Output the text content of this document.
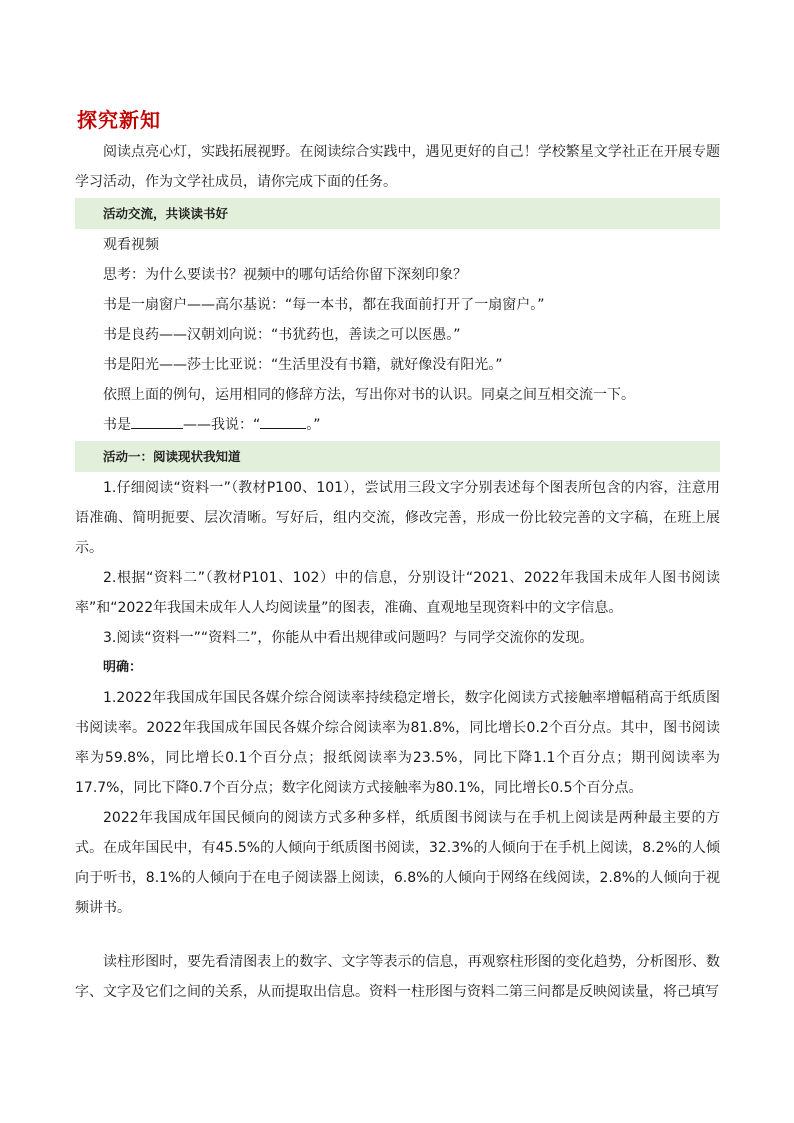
探究新知

阅读点亮心灯，实践拓展视野。在阅读综合实践中，遇见更好的自己！学校繁星文学社正在开展专题学习活动，作为文学社成员，请你完成下面的任务。

活动交流，共谈读书好

观看视频

思考：为什么要读书？视频中的哪句话给你留下深刻印象？

书是一扇窗户——高尔基说：“每一本书，都在我面前打开了一扇窗户。”

书是良药——汉朝刘向说：“书犹药也，善读之可以医愚。”

书是阳光——莎士比亚说：“生活里没有书籍，就好像没有阳光。”

依照上面的例句，运用相同的修辞方法，写出你对书的认识。同桌之间互相交流一下。

书是	——我说：“	。”

活动一：阅读现状我知道

1.仔细阅读“资料一”（教材P100、101），尝试用三段文字分别表述每个图表所包含的内容，注意用语准确、简明扼要、层次清晰。写好后，组内交流，修改完善，形成一份比较完善的文字稿，在班上展示。

2.根据“资料二”（教材P101、102）中的信息，分别设计“2021、2022年我国未成年人图书阅读率”和“2022年我国未成年人人均阅读量”的图表，准确、直观地呈现资料中的文字信息。

3.阅读“资料一”“资料二”，你能从中看出规律或问题吗？与同学交流你的发现。

明确：

1.2022年我国成年国民各媒介综合阅读率持续稳定增长，数字化阅读方式接触率增幅稍高于纸质图书阅读率。2022年我国成年国民各媒介综合阅读率为81.8%，同比增长0.2个百分点。其中，图书阅读率为59.8%，同比增长0.1个百分点；报纸阅读率为23.5%，同比下降1.1个百分点；期刊阅读率为17.7%，同比下降0.7个百分点；数字化阅读方式接触率为80.1%，同比增长0.5个百分点。

2022年我国成年国民倾向的阅读方式多种多样，纸质图书阅读与在手机上阅读是两种最主要的方式。在成年国民中，有45.5%的人倾向于纸质图书阅读，32.3%的人倾向于在手机上阅读，8.2%的人倾向于听书，8.1%的人倾向于在电子阅读器上阅读，6.8%的人倾向于网络在线阅读，2.8%的人倾向于视频讲书。

读柱形图时，要先看清图表上的数字、文字等表示的信息，再观察柱形图的变化趋势，分析图形、数字、文字及它们之间的关系，从而提取出信息。资料一柱形图与资料二第三问都是反映阅读量，将己填写
